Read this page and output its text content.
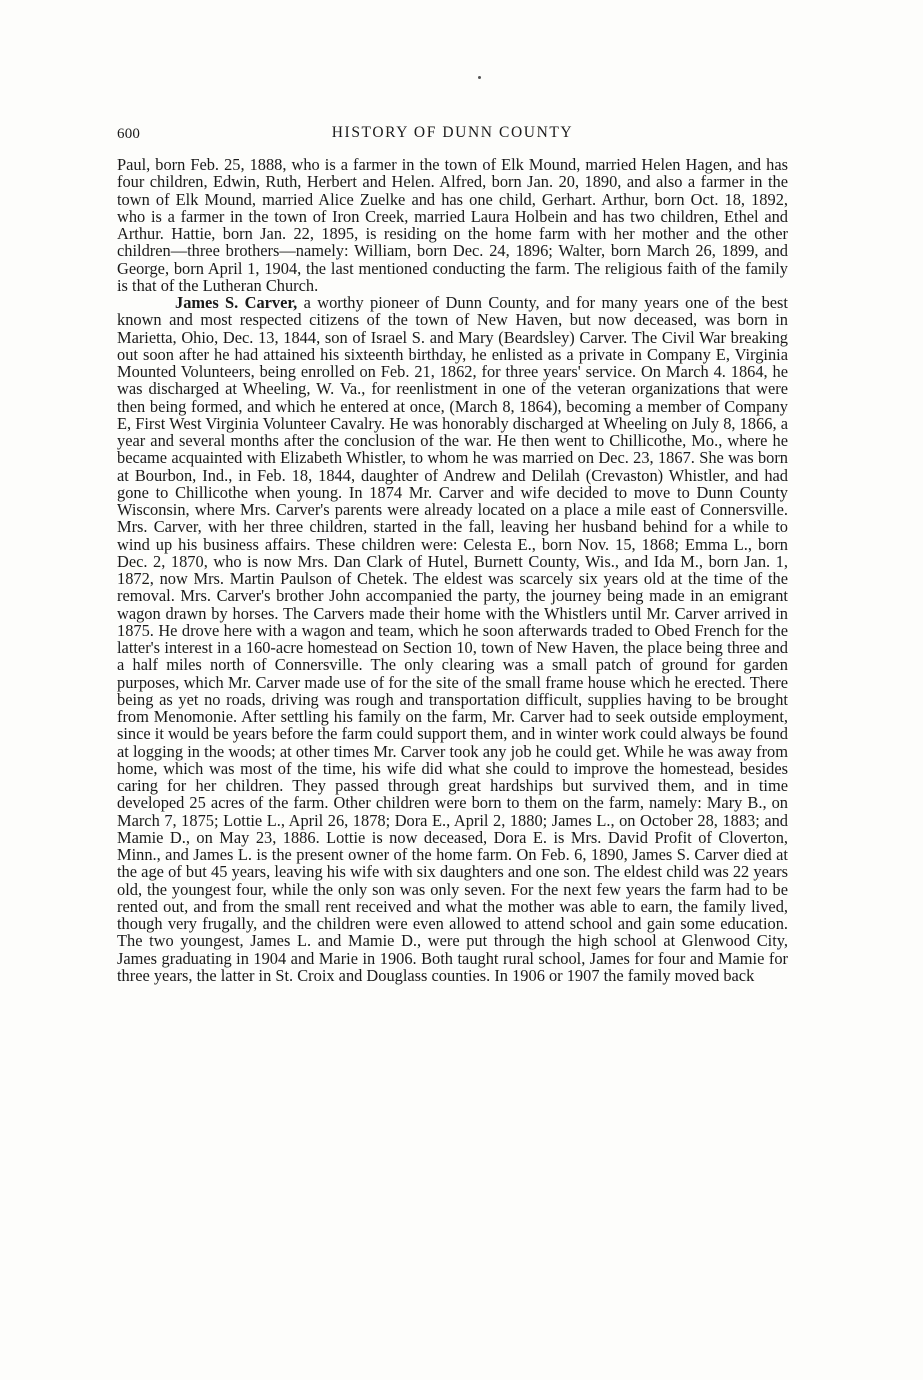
600	HISTORY OF DUNN COUNTY

Paul, born Feb. 25, 1888, who is a farmer in the town of Elk Mound, married Helen Hagen, and has four children, Edwin, Ruth, Herbert and Helen. Alfred, born Jan. 20, 1890, and also a farmer in the town of Elk Mound, married Alice Zuelke and has one child, Gerhart. Arthur, born Oct. 18, 1892, who is a farmer in the town of Iron Creek, married Laura Holbein and has two children, Ethel and Arthur. Hattie, born Jan. 22, 1895, is residing on the home farm with her mother and the other children—three brothers—namely: William, born Dec. 24, 1896; Walter, born March 26, 1899, and George, born April 1, 1904, the last mentioned conducting the farm. The religious faith of the family is that of the Lutheran Church.

James S. Carver, a worthy pioneer of Dunn County, and for many years one of the best known and most respected citizens of the town of New Haven, but now deceased, was born in Marietta, Ohio, Dec. 13, 1844, son of Israel S. and Mary (Beardsley) Carver. The Civil War breaking out soon after he had attained his sixteenth birthday, he enlisted as a private in Company E, Virginia Mounted Volunteers, being enrolled on Feb. 21, 1862, for three years' service. On March 4. 1864, he was discharged at Wheeling, W. Va., for reenlistment in one of the veteran organizations that were then being formed, and which he entered at once, (March 8, 1864), becoming a member of Company E, First West Virginia Volunteer Cavalry. He was honorably discharged at Wheeling on July 8, 1866, a year and several months after the conclusion of the war. He then went to Chillicothe, Mo., where he became acquainted with Elizabeth Whistler, to whom he was married on Dec. 23, 1867. She was born at Bourbon, Ind., in Feb. 18, 1844, daughter of Andrew and Delilah (Crevaston) Whistler, and had gone to Chillicothe when young. In 1874 Mr. Carver and wife decided to move to Dunn County Wisconsin, where Mrs. Carver's parents were already located on a place a mile east of Connersville. Mrs. Carver, with her three children, started in the fall, leaving her husband behind for a while to wind up his business affairs. These children were: Celesta E., born Nov. 15, 1868; Emma L., born Dec. 2, 1870, who is now Mrs. Dan Clark of Hutel, Burnett County, Wis., and Ida M., born Jan. 1, 1872, now Mrs. Martin Paulson of Chetek. The eldest was scarcely six years old at the time of the removal. Mrs. Carver's brother John accompanied the party, the journey being made in an emigrant wagon drawn by horses. The Carvers made their home with the Whistlers until Mr. Carver arrived in 1875. He drove here with a wagon and team, which he soon afterwards traded to Obed French for the latter's interest in a 160-acre homestead on Section 10, town of New Haven, the place being three and a half miles north of Connersville. The only clearing was a small patch of ground for garden purposes, which Mr. Carver made use of for the site of the small frame house which he erected. There being as yet no roads, driving was rough and transportation difficult, supplies having to be brought from Menomonie. After settling his family on the farm, Mr. Carver had to seek outside employment, since it would be years before the farm could support them, and in winter work could always be found at logging in the woods; at other times Mr. Carver took any job he could get. While he was away from home, which was most of the time, his wife did what she could to improve the homestead, besides caring for her children. They passed through great hardships but survived them, and in time developed 25 acres of the farm. Other children were born to them on the farm, namely: Mary B., on March 7, 1875; Lottie L., April 26, 1878; Dora E., April 2, 1880; James L., on October 28, 1883; and Mamie D., on May 23, 1886. Lottie is now deceased, Dora E. is Mrs. David Profit of Cloverton, Minn., and James L. is the present owner of the home farm. On Feb. 6, 1890, James S. Carver died at the age of but 45 years, leaving his wife with six daughters and one son. The eldest child was 22 years old, the youngest four, while the only son was only seven. For the next few years the farm had to be rented out, and from the small rent received and what the mother was able to earn, the family lived, though very frugally, and the children were even allowed to attend school and gain some education. The two youngest, James L. and Mamie D., were put through the high school at Glenwood City, James graduating in 1904 and Marie in 1906. Both taught rural school, James for four and Mamie for three years, the latter in St. Croix and Douglass counties. In 1906 or 1907 the family moved back
